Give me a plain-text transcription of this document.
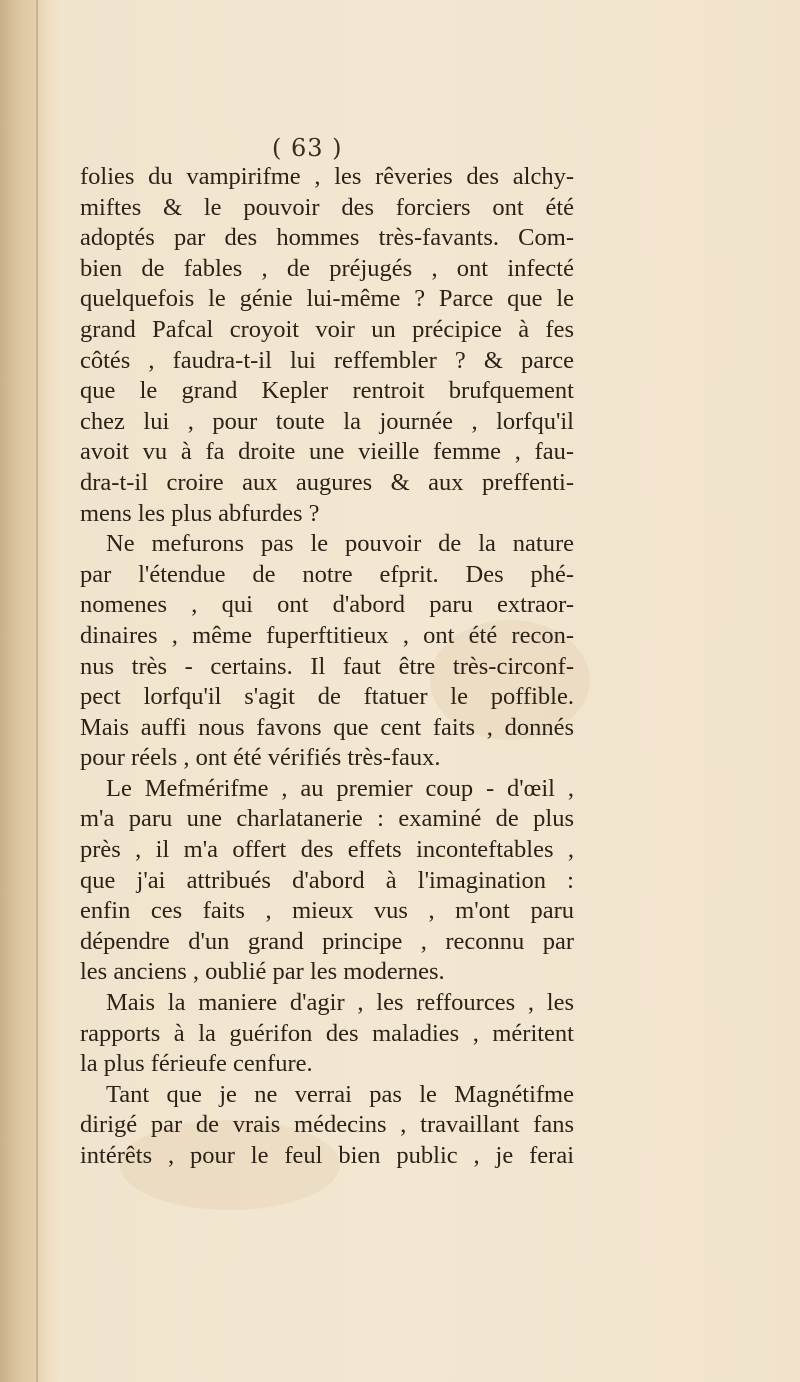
( 63 )
folies du vampirifme , les rêveries des alchy-
miftes & le pouvoir des forciers ont été
adoptés par des hommes très-favants. Com-
bien de fables , de préjugés , ont infecté
quelquefois le génie lui-même ? Parce que le
grand Pafcal croyoit voir un précipice à fes
côtés , faudra-t-il lui reffembler ? & parce
que le grand Kepler rentroit brufquement
chez lui , pour toute la journée , lorfqu'il
avoit vu à fa droite une vieille femme , fau-
dra-t-il croire aux augures & aux preffenti-
mens les plus abfurdes ?
Ne mefurons pas le pouvoir de la nature
par l'étendue de notre efprit. Des phé-
nomenes , qui ont d'abord paru extraor-
dinaires , même fuperftitieux , ont été recon-
nus très - certains. Il faut être très-circonf-
pect lorfqu'il s'agit de ftatuer le poffible.
Mais auffi nous favons que cent faits , donnés
pour réels , ont été vérifiés très-faux.
Le Mefmérifme , au premier coup - d'œil ,
m'a paru une charlatanerie : examiné de plus
près , il m'a offert des effets inconteftables ,
que j'ai attribués d'abord à l'imagination :
enfin ces faits , mieux vus , m'ont paru
dépendre d'un grand principe , reconnu par
les anciens , oublié par les modernes.
Mais la maniere d'agir , les reffources , les
rapports à la guérifon des maladies , méritent
la plus férieufe cenfure.
Tant que je ne verrai pas le Magnétifme
dirigé par de vrais médecins , travaillant fans
intérêts , pour le feul bien public , je ferai
